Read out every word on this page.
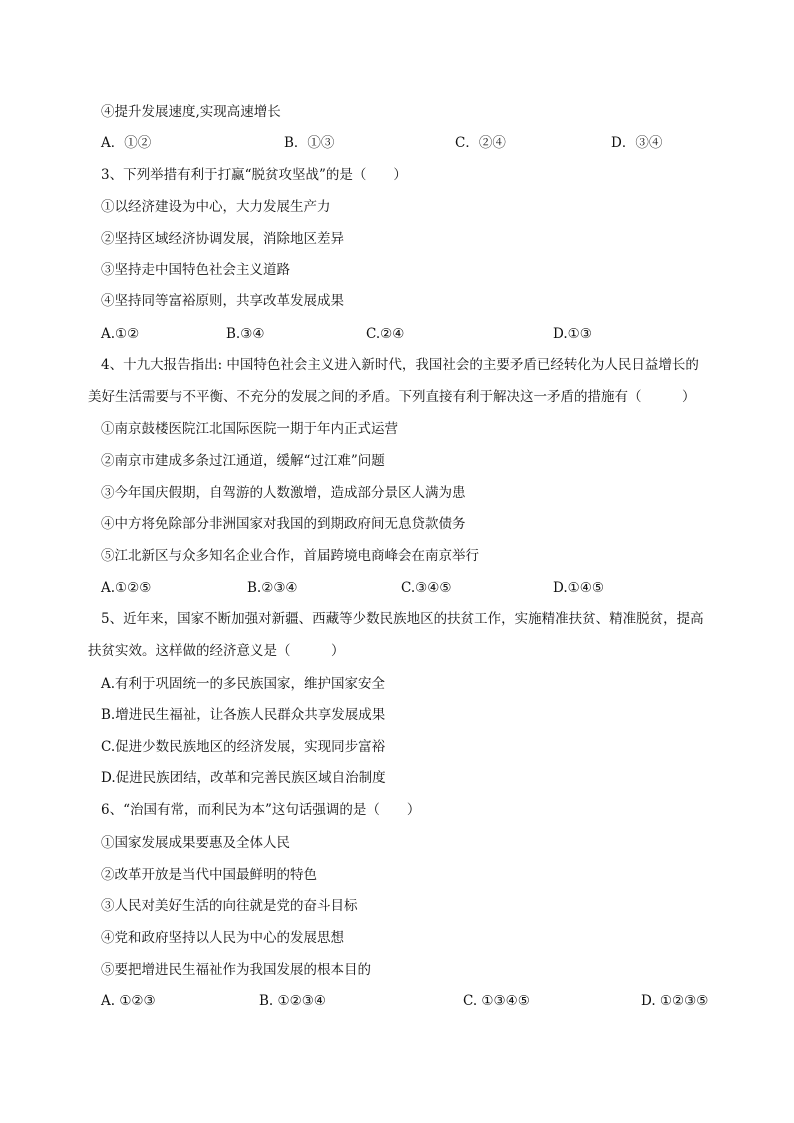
④提升发展速度,实现高速增长
A．①②	B．①③	C．②④	D．③④
3、下列举措有利于打赢“脱贫攻坚战”的是（　　）
①以经济建设为中心，大力发展生产力
②坚持区域经济协调发展，消除地区差异
③坚持走中国特色社会主义道路
④坚持同等富裕原则，共享改革发展成果
A.①②	B.③④	C.②④	D.①③
4、十九大报告指出: 中国特色社会主义进入新时代，我国社会的主要矛盾已经转化为人民日益增长的
美好生活需要与不平衡、不充分的发展之间的矛盾。下列直接有利于解决这一矛盾的措施有（　　　）
①南京鼓楼医院江北国际医院一期于年内正式运营
②南京市建成多条过江通道，缓解“过江难”问题
③今年国庆假期，自驾游的人数激增，造成部分景区人满为患
④中方将免除部分非洲国家对我国的到期政府间无息贷款债务
⑤江北新区与众多知名企业合作，首届跨境电商峰会在南京举行
A.①②⑤	B.②③④	C.③④⑤	D.①④⑤
5、近年来，国家不断加强对新疆、西藏等少数民族地区的扶贫工作，实施精准扶贫、精准脱贫，提高
扶贫实效。这样做的经济意义是（　　　）
A.有利于巩固统一的多民族国家，维护国家安全
B.增进民生福祉，让各族人民群众共享发展成果
C.促进少数民族地区的经济发展，实现同步富裕
D.促进民族团结，改革和完善民族区域自治制度
6、“治国有常，而利民为本”这句话强调的是（　　）
①国家发展成果要惠及全体人民
②改革开放是当代中国最鲜明的特色
③人民对美好生活的向往就是党的奋斗目标
④党和政府坚持以人民为中心的发展思想
⑤要把增进民生福祉作为我国发展的根本目的
A. ①②③	B. ①②③④	C. ①③④⑤	D. ①②③⑤
